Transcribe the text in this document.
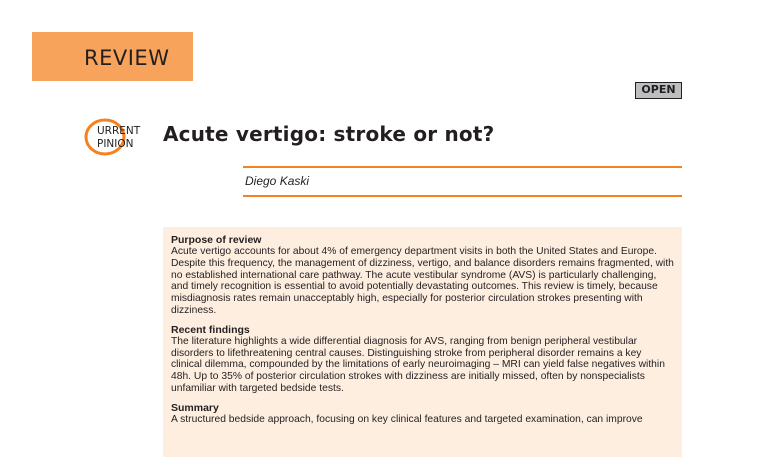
REVIEW
OPEN
URRENT
PINION Acute vertigo: stroke or not?
Diego Kaski
Purpose of review
Acute vertigo accounts for about 4% of emergency department visits in both the United States and Europe. Despite this frequency, the management of dizziness, vertigo, and balance disorders remains fragmented, with no established international care pathway. The acute vestibular syndrome (AVS) is particularly challenging, and timely recognition is essential to avoid potentially devastating outcomes. This review is timely, because misdiagnosis rates remain unacceptably high, especially for posterior circulation strokes presenting with dizziness.
Recent findings
The literature highlights a wide differential diagnosis for AVS, ranging from benign peripheral vestibular disorders to lifethreatening central causes. Distinguishing stroke from peripheral disorder remains a key clinical dilemma, compounded by the limitations of early neuroimaging – MRI can yield false negatives within 48h. Up to 35% of posterior circulation strokes with dizziness are initially missed, often by nonspecialists unfamiliar with targeted bedside tests.
Summary
A structured bedside approach, focusing on key clinical features and targeted examination, can improve
